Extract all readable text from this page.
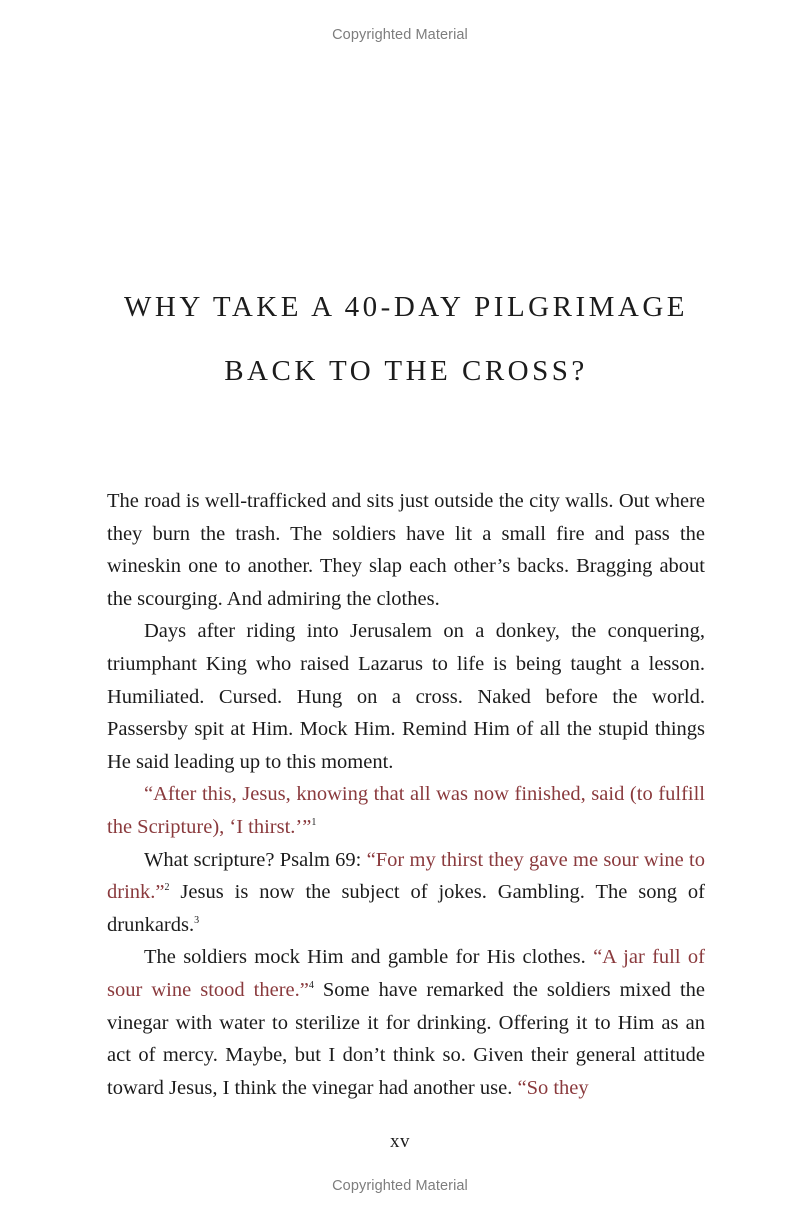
Copyrighted Material
WHY TAKE A 40-DAY PILGRIMAGE
BACK TO THE CROSS?

The road is well-trafficked and sits just outside the city walls. Out where they burn the trash. The soldiers have lit a small fire and pass the wineskin one to another. They slap each other’s backs. Bragging about the scourging. And admiring the clothes.

Days after riding into Jerusalem on a donkey, the conquering, triumphant King who raised Lazarus to life is being taught a lesson. Humiliated. Cursed. Hung on a cross. Naked before the world. Passersby spit at Him. Mock Him. Remind Him of all the stupid things He said leading up to this moment.

“After this, Jesus, knowing that all was now finished, said (to fulfill the Scripture), ‘I thirst.’”$^1$

What scripture? Psalm 69: “For my thirst they gave me sour wine to drink.”$^2$ Jesus is now the subject of jokes. Gambling. The song of drunkards.$^3$

The soldiers mock Him and gamble for His clothes. “A jar full of sour wine stood there.”$^4$ Some have remarked the soldiers mixed the vinegar with water to sterilize it for drinking. Offering it to Him as an act of mercy. Maybe, but I don’t think so. Given their general attitude toward Jesus, I think the vinegar had another use. “So they

xv
Copyrighted Material
